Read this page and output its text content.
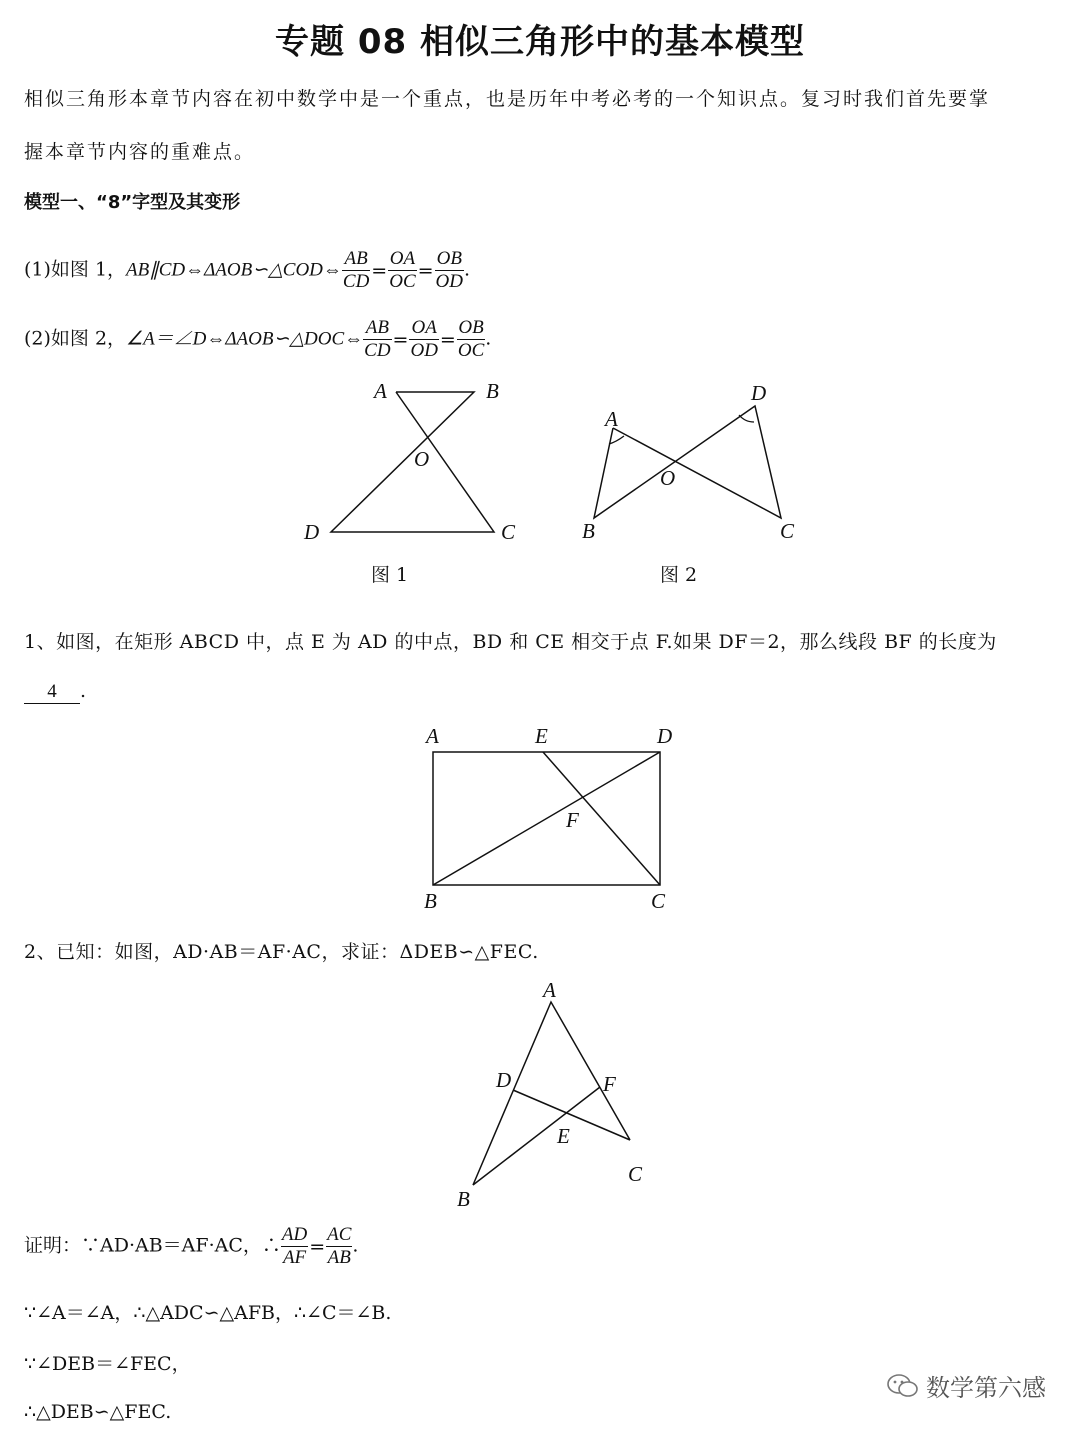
专题 08 相似三角形中的基本模型
相似三角形本章节内容在初中数学中是一个重点，也是历年中考必考的一个知识点。复习时我们首先要掌
握本章节内容的重难点。
模型一、“8”字型及其变形
(1)如图 1，AB∥CD⇔ΔAOB∽△COD⇔ $\frac{AB}{CD} = \frac{OA}{OC} = \frac{OB}{OD}$ .
(2)如图 2，∠A＝∠D⇔ΔAOB∽△DOC⇔ $\frac{AB}{CD} = \frac{OA}{OD} = \frac{OB}{OC}$ .
A	B
O
D	C
图 1
A
D
O
B	C
图 2
1、如图，在矩形 ABCD 中，点 E 为 AD 的中点，BD 和 CE 相交于点 F.如果 DF＝2，那么线段 BF 的长度为
4 .
A	E	D
F
B	C
2、已知：如图，AD·AB＝AF·AC，求证：ΔDEB∽△FEC.
A
D	F
E
B
C
证明：∵AD·AB＝AF·AC，∴ $\frac{AD}{AF} = \frac{AC}{AB}$ .
∵∠A＝∠A，∴△ADC∽△AFB，∴∠C＝∠B.
∵∠DEB＝∠FEC，
∴△DEB∽△FEC.
数学第六感
